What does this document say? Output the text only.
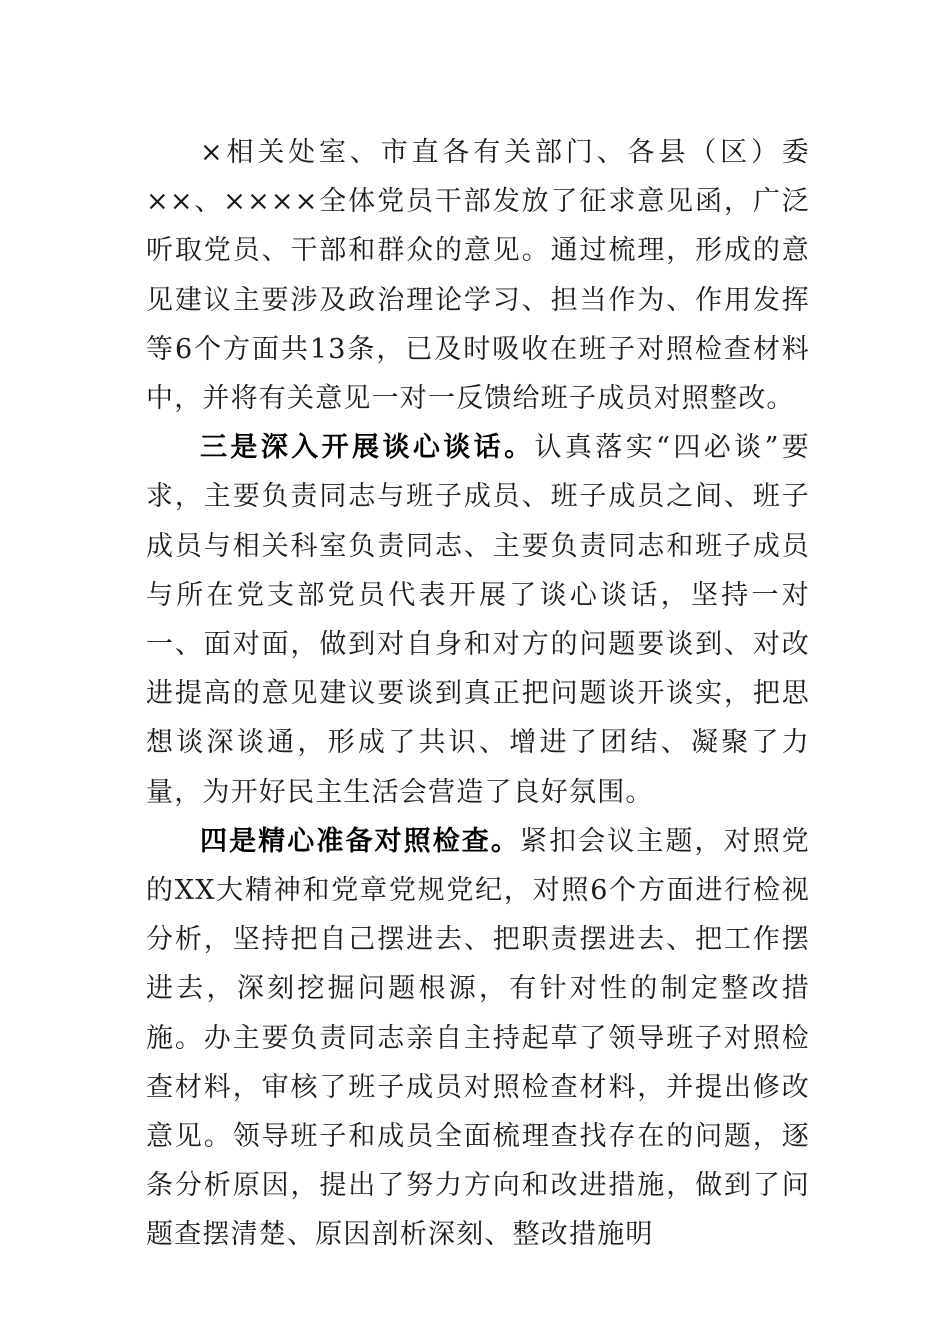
×相关处室、市直各有关部门、各县（区）委××、××××全体党员干部发放了征求意见函，广泛听取党员、干部和群众的意见。通过梳理，形成的意见建议主要涉及政治理论学习、担当作为、作用发挥等6个方面共13条，已及时吸收在班子对照检查材料中，并将有关意见一对一反馈给班子成员对照整改。

三是深入开展谈心谈话。认真落实“四必谈”要求，主要负责同志与班子成员、班子成员之间、班子成员与相关科室负责同志、主要负责同志和班子成员与所在党支部党员代表开展了谈心谈话，坚持一对一、面对面，做到对自身和对方的问题要谈到、对改进提高的意见建议要谈到真正把问题谈开谈实，把思想谈深谈通，形成了共识、增进了团结、凝聚了力量，为开好民主生活会营造了良好氛围。

四是精心准备对照检查。紧扣会议主题，对照党的XX大精神和党章党规党纪，对照6个方面进行检视分析，坚持把自己摆进去、把职责摆进去、把工作摆进去，深刻挖掘问题根源，有针对性的制定整改措施。办主要负责同志亲自主持起草了领导班子对照检查材料，审核了班子成员对照检查材料，并提出修改意见。领导班子和成员全面梳理查找存在的问题，逐条分析原因，提出了努力方向和改进措施，做到了问题查摆清楚、原因剖析深刻、整改措施明
